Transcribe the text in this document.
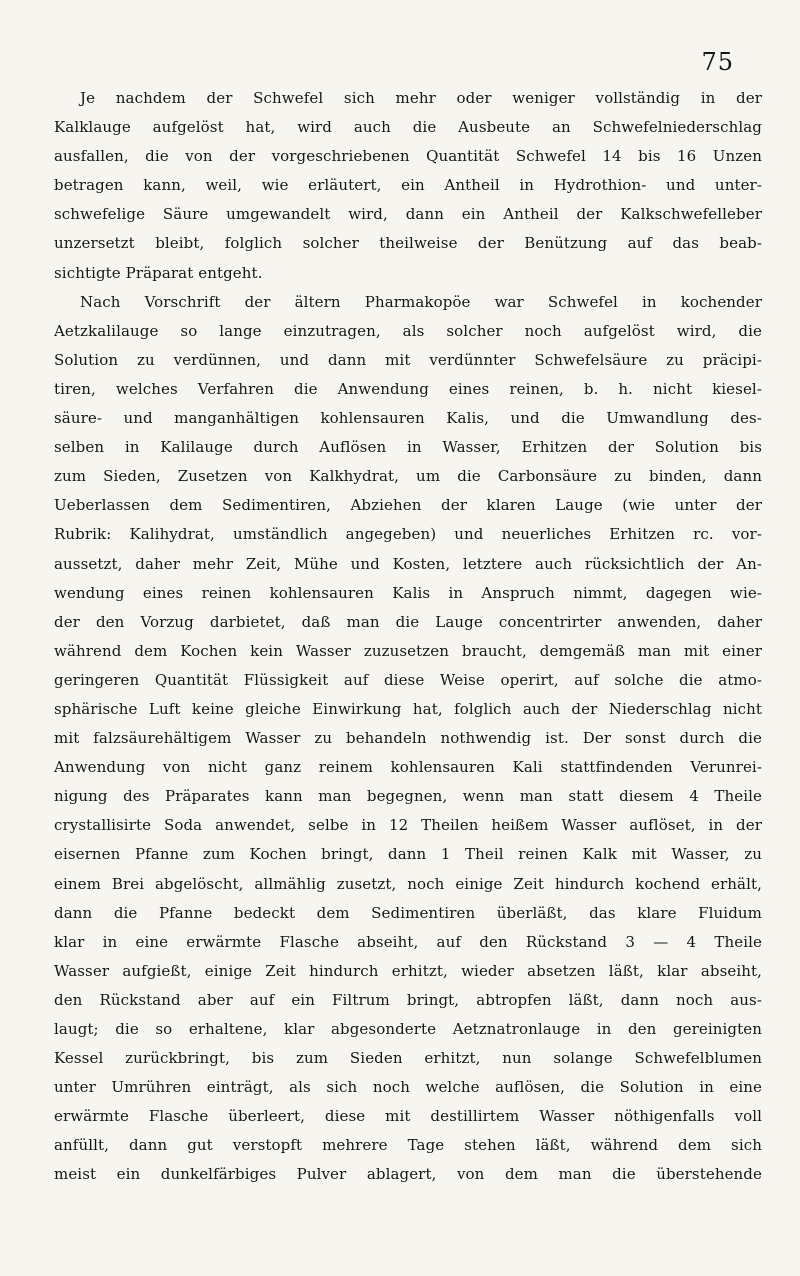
75
Je nachdem der Schwefel sich mehr oder weniger vollständig in der
Kalklauge aufgelöst hat, wird auch die Ausbeute an Schwefelniederschlag
ausfallen, die von der vorgeschriebenen Quantität Schwefel 14 bis 16 Unzen
betragen kann, weil, wie erläutert, ein Antheil in Hydrothion- und unter-
schwefelige Säure umgewandelt wird, dann ein Antheil der Kalkschwefelleber
unzersetzt bleibt, folglich solcher theilweise der Benützung auf das beab-
sichtigte Präparat entgeht.
Nach Vorschrift der ältern Pharmakopöe war Schwefel in kochender
Aetzkalilauge so lange einzutragen, als solcher noch aufgelöst wird, die
Solution zu verdünnen, und dann mit verdünnter Schwefelsäure zu präcipi-
tiren, welches Verfahren die Anwendung eines reinen, b. h. nicht kiesel-
säure- und manganhältigen kohlensauren Kalis, und die Umwandlung des-
selben in Kalilauge durch Auflösen in Wasser, Erhitzen der Solution bis
zum Sieden, Zusetzen von Kalkhydrat, um die Carbonsäure zu binden, dann
Ueberlassen dem Sedimentiren, Abziehen der klaren Lauge (wie unter der
Rubrik: Kalihydrat, umständlich angegeben) und neuerliches Erhitzen rc. vor-
aussetzt, daher mehr Zeit, Mühe und Kosten, letztere auch rücksichtlich der An-
wendung eines reinen kohlensauren Kalis in Anspruch nimmt, dagegen wie-
der den Vorzug darbietet, daß man die Lauge concentrirter anwenden, daher
während dem Kochen kein Wasser zuzusetzen braucht, demgemäß man mit einer
geringeren Quantität Flüssigkeit auf diese Weise operirt, auf solche die atmo-
sphärische Luft keine gleiche Einwirkung hat, folglich auch der Niederschlag nicht
mit falzsäurehältigem Wasser zu behandeln nothwendig ist. Der sonst durch die
Anwendung von nicht ganz reinem kohlensauren Kali stattfindenden Verunrei-
nigung des Präparates kann man begegnen, wenn man statt diesem 4 Theile
crystallisirte Soda anwendet, selbe in 12 Theilen heißem Wasser auflöset, in der
eisernen Pfanne zum Kochen bringt, dann 1 Theil reinen Kalk mit Wasser, zu
einem Brei abgelöscht, allmählig zusetzt, noch einige Zeit hindurch kochend erhält,
dann die Pfanne bedeckt dem Sedimentiren überläßt, das klare Fluidum
klar in eine erwärmte Flasche abseiht, auf den Rückstand 3 — 4 Theile
Wasser aufgießt, einige Zeit hindurch erhitzt, wieder absetzen läßt, klar abseiht,
den Rückstand aber auf ein Filtrum bringt, abtropfen läßt, dann noch aus-
laugt; die so erhaltene, klar abgesonderte Aetznatronlauge in den gereinigten
Kessel zurückbringt, bis zum Sieden erhitzt, nun solange Schwefelblumen
unter Umrühren einträgt, als sich noch welche auflösen, die Solution in eine
erwärmte Flasche überleert, diese mit destillirtem Wasser nöthigenfalls voll
anfüllt, dann gut verstopft mehrere Tage stehen läßt, während dem sich
meist ein dunkelfärbiges Pulver ablagert, von dem man die überstehende
